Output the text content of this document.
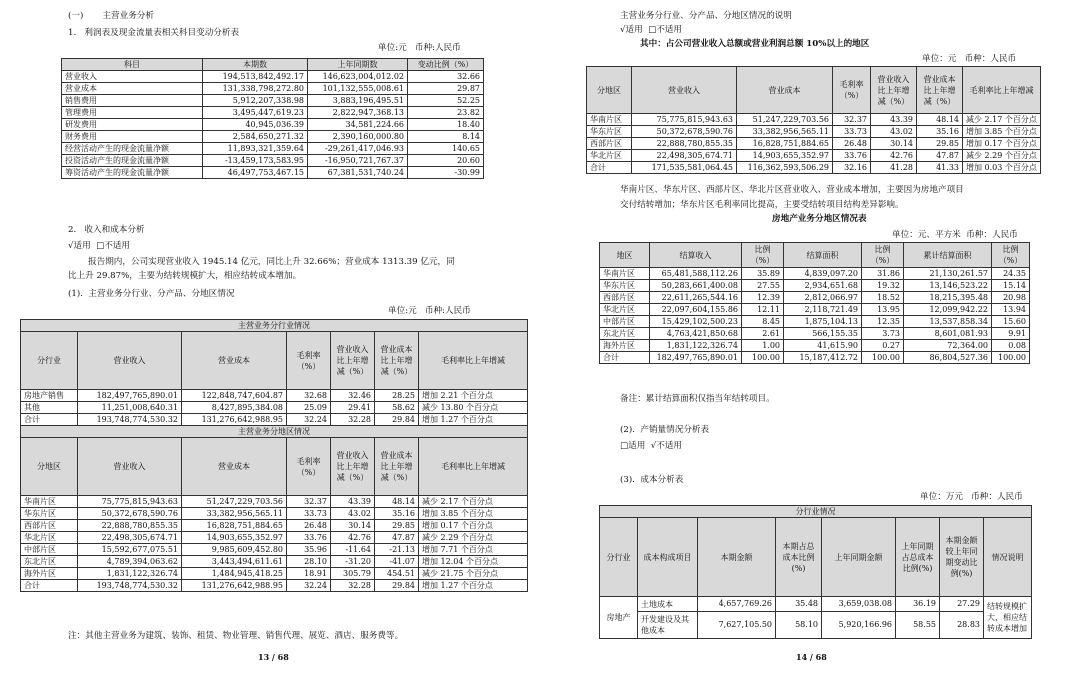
(一)       主营业务分析
1.   利润表及现金流量表相关科目变动分析表
单位:元   币种:人民币
科目	本期数	上年同期数	变动比例（%）
营业收入	194,513,842,492.17	146,623,004,012.02	32.66
营业成本	131,338,798,272.80	101,132,555,008.61	29.87
销售费用	5,912,207,338.98	3,883,196,495.51	52.25
管理费用	3,495,447,619.23	2,822,947,368.13	23.82
研发费用	40,945,036.39	34,581,224.66	18.40
财务费用	2,584,650,271.32	2,390,160,000.80	8.14
经营活动产生的现金流量净额	11,893,321,359.64	-29,261,417,046.93	140.65
投资活动产生的现金流量净额	-13,459,173,583.95	-16,950,721,767.37	20.60
筹资活动产生的现金流量净额	46,497,753,467.15	67,381,531,740.24	-30.99
2.   收入和成本分析
√适用  □不适用
报告期内，公司实现营业收入 1945.14 亿元，同比上升 32.66%；营业成本 1313.39 亿元，同
比上升 29.87%，主要为结转规模扩大，相应结转成本增加。
(1).  主营业务分行业、分产品、分地区情况
单位:元   币种:人民币
主营业务分行业情况						
分行业	营业收入	营业成本	毛利率（%）	营业收入比上年增减（%）	营业成本比上年增减（%）	毛利率比上年增减
房地产销售	182,497,765,890.01	122,848,747,604.87	32.68	32.46	28.25	增加 2.21 个百分点
其他	11,251,008,640.31	8,427,895,384.08	25.09	29.41	58.62	减少 13.80 个百分点
合计	193,748,774,530.32	131,276,642,988.95	32.24	32.28	29.84	增加 1.27 个百分点
主营业务分地区情况						
分地区	营业收入	营业成本	毛利率（%）	营业收入比上年增减（%）	营业成本比上年增减（%）	毛利率比上年增减
华南片区	75,775,815,943.63	51,247,229,703.56	32.37	43.39	48.14	减少 2.17 个百分点
华东片区	50,372,678,590.76	33,382,956,565.11	33.73	43.02	35.16	增加 3.85 个百分点
西部片区	22,888,780,855.35	16,828,751,884.65	26.48	30.14	29.85	增加 0.17 个百分点
华北片区	22,498,305,674.71	14,903,655,352.97	33.76	42.76	47.87	减少 2.29 个百分点
中部片区	15,592,677,075.51	9,985,609,452.80	35.96	-11.64	-21.13	增加 7.71 个百分点
东北片区	4,789,394,063.62	3,443,494,611.61	28.10	-31.20	-41.07	增加 12.04 个百分点
海外片区	1,831,122,326.74	1,484,945,418.25	18.91	305.79	454.51	减少 21.75 个百分点
合计	193,748,774,530.32	131,276,642,988.95	32.24	32.28	29.84	增加 1.27 个百分点
注：其他主营业务为建筑、装饰、租赁、物业管理、销售代理、展览、酒店、服务费等。
13 / 68
主营业务分行业、分产品、分地区情况的说明
√适用  □不适用
其中：占公司营业收入总额或营业利润总额 10%以上的地区
单位：元   币种：人民币
分地区	营业收入	营业成本	毛利率（%）	营业收入比上年增减（%）	营业成本比上年增减（%）	毛利率比上年增减
华南片区	75,775,815,943.63	51,247,229,703.56	32.37	43.39	48.14	减少 2.17 个百分点
华东片区	50,372,678,590.76	33,382,956,565.11	33.73	43.02	35.16	增加 3.85 个百分点
西部片区	22,888,780,855.35	16,828,751,884.65	26.48	30.14	29.85	增加 0.17 个百分点
华北片区	22,498,305,674.71	14,903,655,352.97	33.76	42.76	47.87	减少 2.29 个百分点
合计	171,535,581,064.45	116,362,593,506.29	32.16	41.28	41.33	增加 0.03 个百分点
华南片区、华东片区、西部片区、华北片区营业收入、营业成本增加，主要因为房地产项目
交付结转增加；华东片区毛利率同比提高，主要受结转项目结构差异影响。
房地产业务分地区情况表
单位：元、平方米  币种：人民币
地区	结算收入	比例（%）	结算面积	比例（%）	累计结算面积	比例（%）
华南片区	65,481,588,112.26	35.89	4,839,097.20	31.86	21,130,261.57	24.35
华东片区	50,283,661,400.08	27.55	2,934,651.68	19.32	13,146,523.22	15.14
西部片区	22,611,265,544.16	12.39	2,812,066.97	18.52	18,215,395.48	20.98
华北片区	22,097,604,155.86	12.11	2,118,721.49	13.95	12,099,942.22	13.94
中部片区	15,429,102,500.23	8.45	1,875,104.13	12.35	13,537,858.34	15.60
东北片区	4,763,421,850.68	2.61	566,155.35	3.73	8,601,081.93	9.91
海外片区	1,831,122,326.74	1.00	41,615.90	0.27	72,364.00	0.08
合计	182,497,765,890.01	100.00	15,187,412.72	100.00	86,804,527.36	100.00
备注：累计结算面积仅指当年结转项目。
(2).  产销量情况分析表
□适用  √不适用
(3).  成本分析表
单位：万元   币种：人民币
分行业情况							
分行业	成本构成项目	本期金额	本期占总成本比例(%)	上年同期金额	上年同期占总成本比例(%)	本期金额较上年同期变动比例(%)	情况说明
房地产	土地成本	4,657,769.26	35.48	3,659,038.08	36.19	27.29	结转规模扩大，相应结转成本增加
	开发建设及其他成本	7,627,105.50	58.10	5,920,166.96	58.55	28.83	
14 / 68
